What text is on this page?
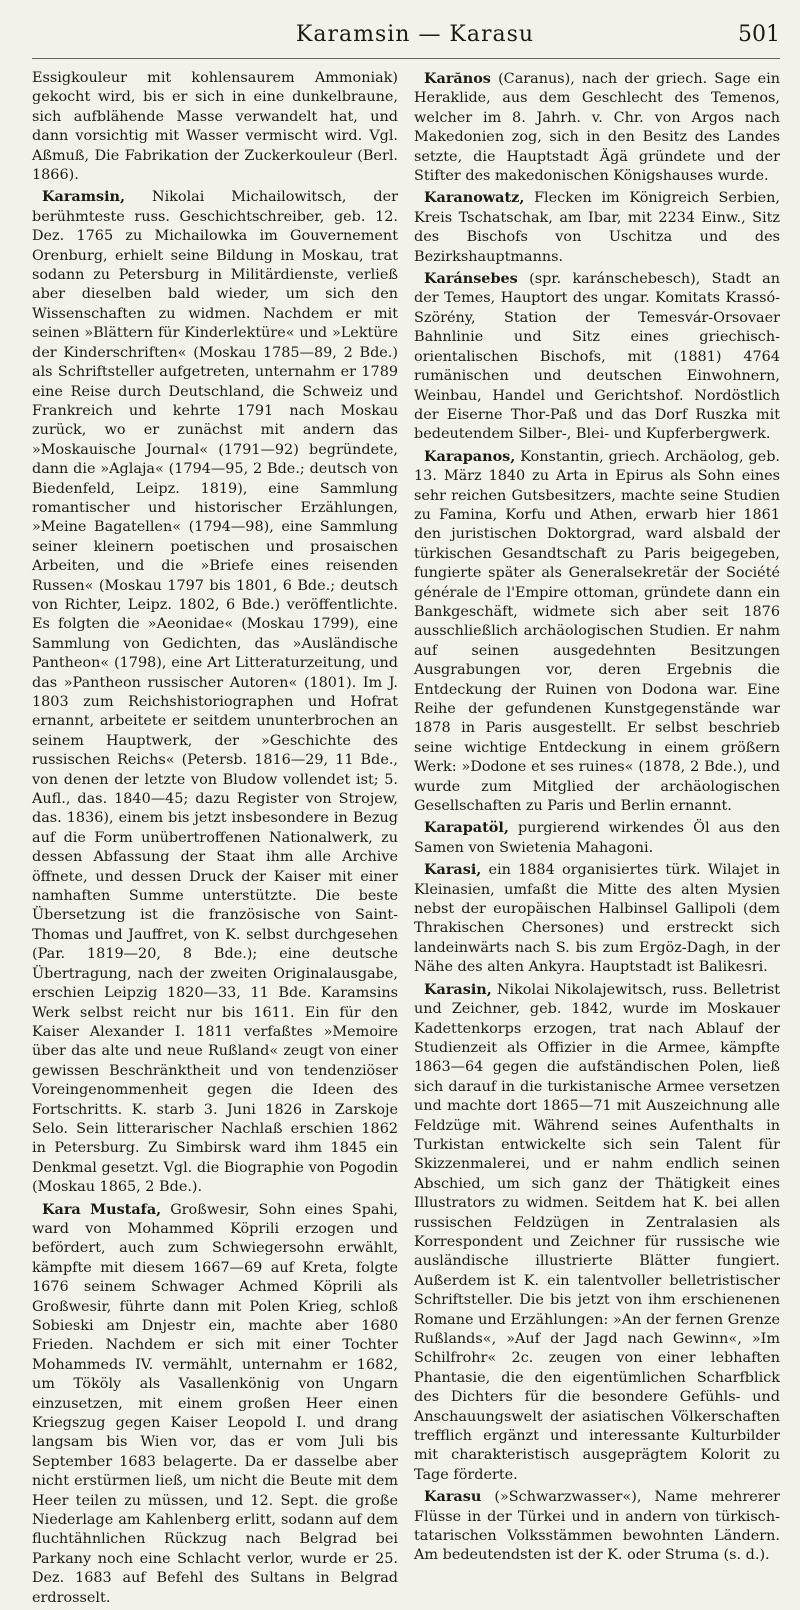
Karamsin — Karasu	501

Essigkouleur mit kohlensaurem Ammoniak) gekocht wird, bis er sich in eine dunkelbraune, sich aufblähende Masse verwandelt hat, und dann vorsichtig mit Wasser vermischt wird. Vgl. Aßmuß, Die Fabrikation der Zuckerkouleur (Berl. 1866).

Karamsin, Nikolai Michailowitsch, der berühmteste russ. Geschichtschreiber, geb. 12. Dez. 1765 zu Michailowka im Gouvernement Orenburg, erhielt seine Bildung in Moskau, trat sodann zu Petersburg in Militärdienste, verließ aber dieselben bald wieder, um sich den Wissenschaften zu widmen. Nachdem er mit seinen »Blättern für Kinderlektüre« und »Lektüre der Kinderschriften« (Moskau 1785—89, 2 Bde.) als Schriftsteller aufgetreten, unternahm er 1789 eine Reise durch Deutschland, die Schweiz und Frankreich und kehrte 1791 nach Moskau zurück, wo er zunächst mit andern das »Moskauische Journal« (1791—92) begründete, dann die »Aglaja« (1794—95, 2 Bde.; deutsch von Biedenfeld, Leipz. 1819), eine Sammlung romantischer und historischer Erzählungen, »Meine Bagatellen« (1794—98), eine Sammlung seiner kleinern poetischen und prosaischen Arbeiten, und die »Briefe eines reisenden Russen« (Moskau 1797 bis 1801, 6 Bde.; deutsch von Richter, Leipz. 1802, 6 Bde.) veröffentlichte. Es folgten die »Aeonidae« (Moskau 1799), eine Sammlung von Gedichten, das »Ausländische Pantheon« (1798), eine Art Litteraturzeitung, und das »Pantheon russischer Autoren« (1801). Im J. 1803 zum Reichshistoriographen und Hofrat ernannt, arbeitete er seitdem ununterbrochen an seinem Hauptwerk, der »Geschichte des russischen Reichs« (Petersb. 1816—29, 11 Bde., von denen der letzte von Bludow vollendet ist; 5. Aufl., das. 1840—45; dazu Register von Strojew, das. 1836), einem bis jetzt insbesondere in Bezug auf die Form unübertroffenen Nationalwerk, zu dessen Abfassung der Staat ihm alle Archive öffnete, und dessen Druck der Kaiser mit einer namhaften Summe unterstützte. Die beste Übersetzung ist die französische von Saint-Thomas und Jauffret, von K. selbst durchgesehen (Par. 1819—20, 8 Bde.); eine deutsche Übertragung, nach der zweiten Originalausgabe, erschien Leipzig 1820—33, 11 Bde. Karamsins Werk selbst reicht nur bis 1611. Ein für den Kaiser Alexander I. 1811 verfaßtes »Memoire über das alte und neue Rußland« zeugt von einer gewissen Beschränktheit und von tendenziöser Voreingenommenheit gegen die Ideen des Fortschritts. K. starb 3. Juni 1826 in Zarskoje Selo. Sein litterarischer Nachlaß erschien 1862 in Petersburg. Zu Simbirsk ward ihm 1845 ein Denkmal gesetzt. Vgl. die Biographie von Pogodin (Moskau 1865, 2 Bde.).

Kara Mustafa, Großwesir, Sohn eines Spahi, ward von Mohammed Köprili erzogen und befördert, auch zum Schwiegersohn erwählt, kämpfte mit diesem 1667—69 auf Kreta, folgte 1676 seinem Schwager Achmed Köprili als Großwesir, führte dann mit Polen Krieg, schloß Sobieski am Dnjestr ein, machte aber 1680 Frieden. Nachdem er sich mit einer Tochter Mohammeds IV. vermählt, unternahm er 1682, um Tököly als Vasallenkönig von Ungarn einzusetzen, mit einem großen Heer einen Kriegszug gegen Kaiser Leopold I. und drang langsam bis Wien vor, das er vom Juli bis September 1683 belagerte. Da er dasselbe aber nicht erstürmen ließ, um nicht die Beute mit dem Heer teilen zu müssen, und 12. Sept. die große Niederlage am Kahlenberg erlitt, sodann auf dem fluchtähnlichen Rückzug nach Belgrad bei Parkany noch eine Schlacht verlor, wurde er 25. Dez. 1683 auf Befehl des Sultans in Belgrad erdrosselt.

Karănos (Caranus), nach der griech. Sage ein Heraklide, aus dem Geschlecht des Temenos, welcher im 8. Jahrh. v. Chr. von Argos nach Makedonien zog, sich in den Besitz des Landes setzte, die Hauptstadt Ägä gründete und der Stifter des makedonischen Königshauses wurde.

Karanowatz, Flecken im Königreich Serbien, Kreis Tschatschak, am Ibar, mit 2234 Einw., Sitz des Bischofs von Uschitza und des Bezirkshauptmanns.

Karánsebes (spr. karánschebesch), Stadt an der Temes, Hauptort des ungar. Komitats Krassó-Szörény, Station der Temesvár-Orsovaer Bahnlinie und Sitz eines griechisch-orientalischen Bischofs, mit (1881) 4764 rumänischen und deutschen Einwohnern, Weinbau, Handel und Gerichtshof. Nordöstlich der Eiserne Thor-Paß und das Dorf Ruszka mit bedeutendem Silber-, Blei- und Kupferbergwerk.

Karapanos, Konstantin, griech. Archäolog, geb. 13. März 1840 zu Arta in Epirus als Sohn eines sehr reichen Gutsbesitzers, machte seine Studien zu Famina, Korfu und Athen, erwarb hier 1861 den juristischen Doktorgrad, ward alsbald der türkischen Gesandtschaft zu Paris beigegeben, fungierte später als Generalsekretär der Société générale de l'Empire ottoman, gründete dann ein Bankgeschäft, widmete sich aber seit 1876 ausschließlich archäologischen Studien. Er nahm auf seinen ausgedehnten Besitzungen Ausgrabungen vor, deren Ergebnis die Entdeckung der Ruinen von Dodona war. Eine Reihe der gefundenen Kunstgegenstände war 1878 in Paris ausgestellt. Er selbst beschrieb seine wichtige Entdeckung in einem größern Werk: »Dodone et ses ruines« (1878, 2 Bde.), und wurde zum Mitglied der archäologischen Gesellschaften zu Paris und Berlin ernannt.

Karapatöl, purgierend wirkendes Öl aus den Samen von Swietenia Mahagoni.

Karasi, ein 1884 organisiertes türk. Wilajet in Kleinasien, umfaßt die Mitte des alten Mysien nebst der europäischen Halbinsel Gallipoli (dem Thrakischen Chersones) und erstreckt sich landeinwärts nach S. bis zum Ergöz-Dagh, in der Nähe des alten Ankyra. Hauptstadt ist Balikesri.

Karasin, Nikolai Nikolajewitsch, russ. Belletrist und Zeichner, geb. 1842, wurde im Moskauer Kadettenkorps erzogen, trat nach Ablauf der Studienzeit als Offizier in die Armee, kämpfte 1863—64 gegen die aufständischen Polen, ließ sich darauf in die turkistanische Armee versetzen und machte dort 1865—71 mit Auszeichnung alle Feldzüge mit. Während seines Aufenthalts in Turkistan entwickelte sich sein Talent für Skizzenmalerei, und er nahm endlich seinen Abschied, um sich ganz der Thätigkeit eines Illustrators zu widmen. Seitdem hat K. bei allen russischen Feldzügen in Zentralasien als Korrespondent und Zeichner für russische wie ausländische illustrierte Blätter fungiert. Außerdem ist K. ein talentvoller belletristischer Schriftsteller. Die bis jetzt von ihm erschienenen Romane und Erzählungen: »An der fernen Grenze Rußlands«, »Auf der Jagd nach Gewinn«, »Im Schilfrohr« 2c. zeugen von einer lebhaften Phantasie, die den eigentümlichen Scharfblick des Dichters für die besondere Gefühls- und Anschauungswelt der asiatischen Völkerschaften trefflich ergänzt und interessante Kulturbilder mit charakteristisch ausgeprägtem Kolorit zu Tage förderte.

Karasu (»Schwarzwasser«), Name mehrerer Flüsse in der Türkei und in andern von türkisch-tatarischen Volksstämmen bewohnten Ländern. Am bedeutendsten ist der K. oder Struma (s. d.).
